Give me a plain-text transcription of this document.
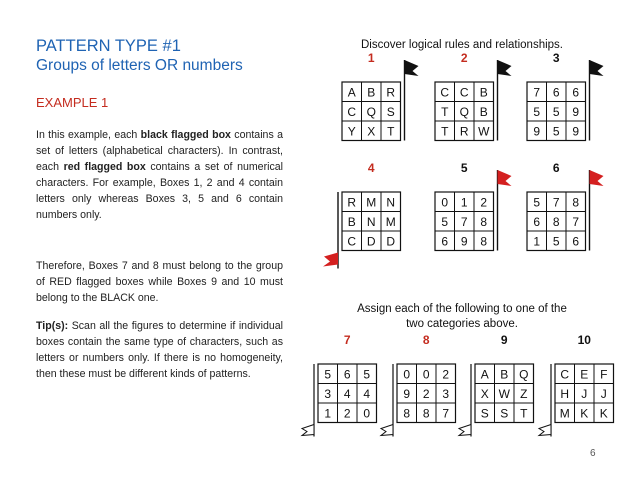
PATTERN TYPE #1
Groups of letters OR numbers
EXAMPLE 1

In this example, each black flagged box contains a set of letters (alphabetical characters). In contrast, each red flagged box contains a set of numerical characters. For example, Boxes 1, 2 and 4 contain letters only whereas Boxes 3, 5 and 6 contain numbers only.

Therefore, Boxes 7 and 8 must belong to the group of RED flagged boxes while Boxes 9 and 10 must belong to the BLACK one.

Tip(s): Scan all the figures to determine if individual boxes contain the same type of characters, such as letters or numbers only. If there is no homogeneity, then these must be different kinds of patterns.

Discover logical rules and relationships.
Assign each of the following to one of the
two categories above.
1
A B R
C Q S
Y X T
2
C C B
T Q B
T R W
3
7 6 6
5 5 9
9 5 9
4
R M N
B N M
C D D
5
0 1 2
5 7 8
6 9 8
6
5 7 8
6 8 7
1 5 6
7
5 6 5
3 4 4
1 2 0
8
0 0 2
9 2 3
8 8 7
9
A B Q
X W Z
S S T
10
C E F
H J J
M K K
6
